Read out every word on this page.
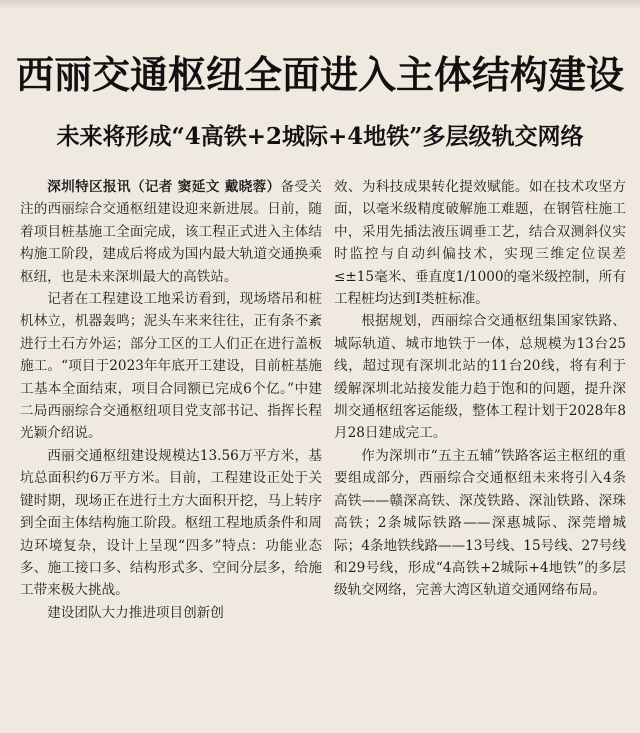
西丽交通枢纽全面进入主体结构建设
未来将形成“4高铁+2城际+4地铁”多层级轨交网络

深圳特区报讯（记者 窦延文 戴晓蓉）备受关注的西丽综合交通枢纽建设迎来新进展。日前，随着项目桩基施工全面完成，该工程正式进入主体结构施工阶段，建成后将成为国内最大轨道交通换乘枢纽，也是未来深圳最大的高铁站。

记者在工程建设工地采访看到，现场塔吊和桩机林立，机器轰鸣；泥头车来来往往，正有条不紊进行土石方外运；部分工区的工人们正在进行盖板施工。“项目于2023年年底开工建设，目前桩基施工基本全面结束，项目合同额已完成6个亿。”中建二局西丽综合交通枢纽项目党支部书记、指挥长程光颖介绍说。

西丽交通枢纽建设规模达13.56万平方米，基坑总面积约6万平方米。目前，工程建设正处于关键时期，现场正在进行土方大面积开挖，马上转序到全面主体结构施工阶段。枢纽工程地质条件和周边环境复杂，设计上呈现“四多”特点：功能业态多、施工接口多、结构形式多、空间分层多，给施工带来极大挑战。

建设团队大力推进项目创新创

效、为科技成果转化提效赋能。如在技术攻坚方面，以毫米级精度破解施工难题，在钢管柱施工中，采用先插法液压调垂工艺，结合双测斜仪实时监控与自动纠偏技术，实现三维定位误差≤±15毫米、垂直度1/1000的毫米级控制，所有工程桩均达到I类桩标准。

根据规划，西丽综合交通枢纽集国家铁路、城际轨道、城市地铁于一体，总规模为13台25线，超过现有深圳北站的11台20线，将有利于缓解深圳北站接发能力趋于饱和的问题，提升深圳交通枢纽客运能级，整体工程计划于2028年8月28日建成完工。

作为深圳市“五主五辅”铁路客运主枢纽的重要组成部分，西丽综合交通枢纽未来将引入4条高铁——赣深高铁、深茂铁路、深汕铁路、深珠高铁；2条城际铁路——深惠城际、深莞增城际；4条地铁线路——13号线、15号线、27号线和29号线，形成“4高铁+2城际+4地铁”的多层级轨交网络，完善大湾区轨道交通网络布局。
